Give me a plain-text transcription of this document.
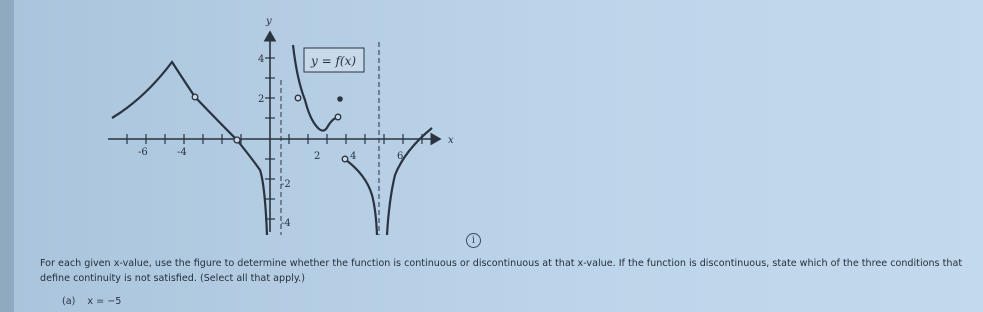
-6	-4	2	4	6
4
2
-2
-4
y
x
y = f(x)
i
For each given x-value, use the figure to determine whether the function is continuous or discontinuous at that x-value. If the function is discontinuous, state which of the three conditions that define continuity is not satisfied. (Select all that apply.)
(a) x = −5
